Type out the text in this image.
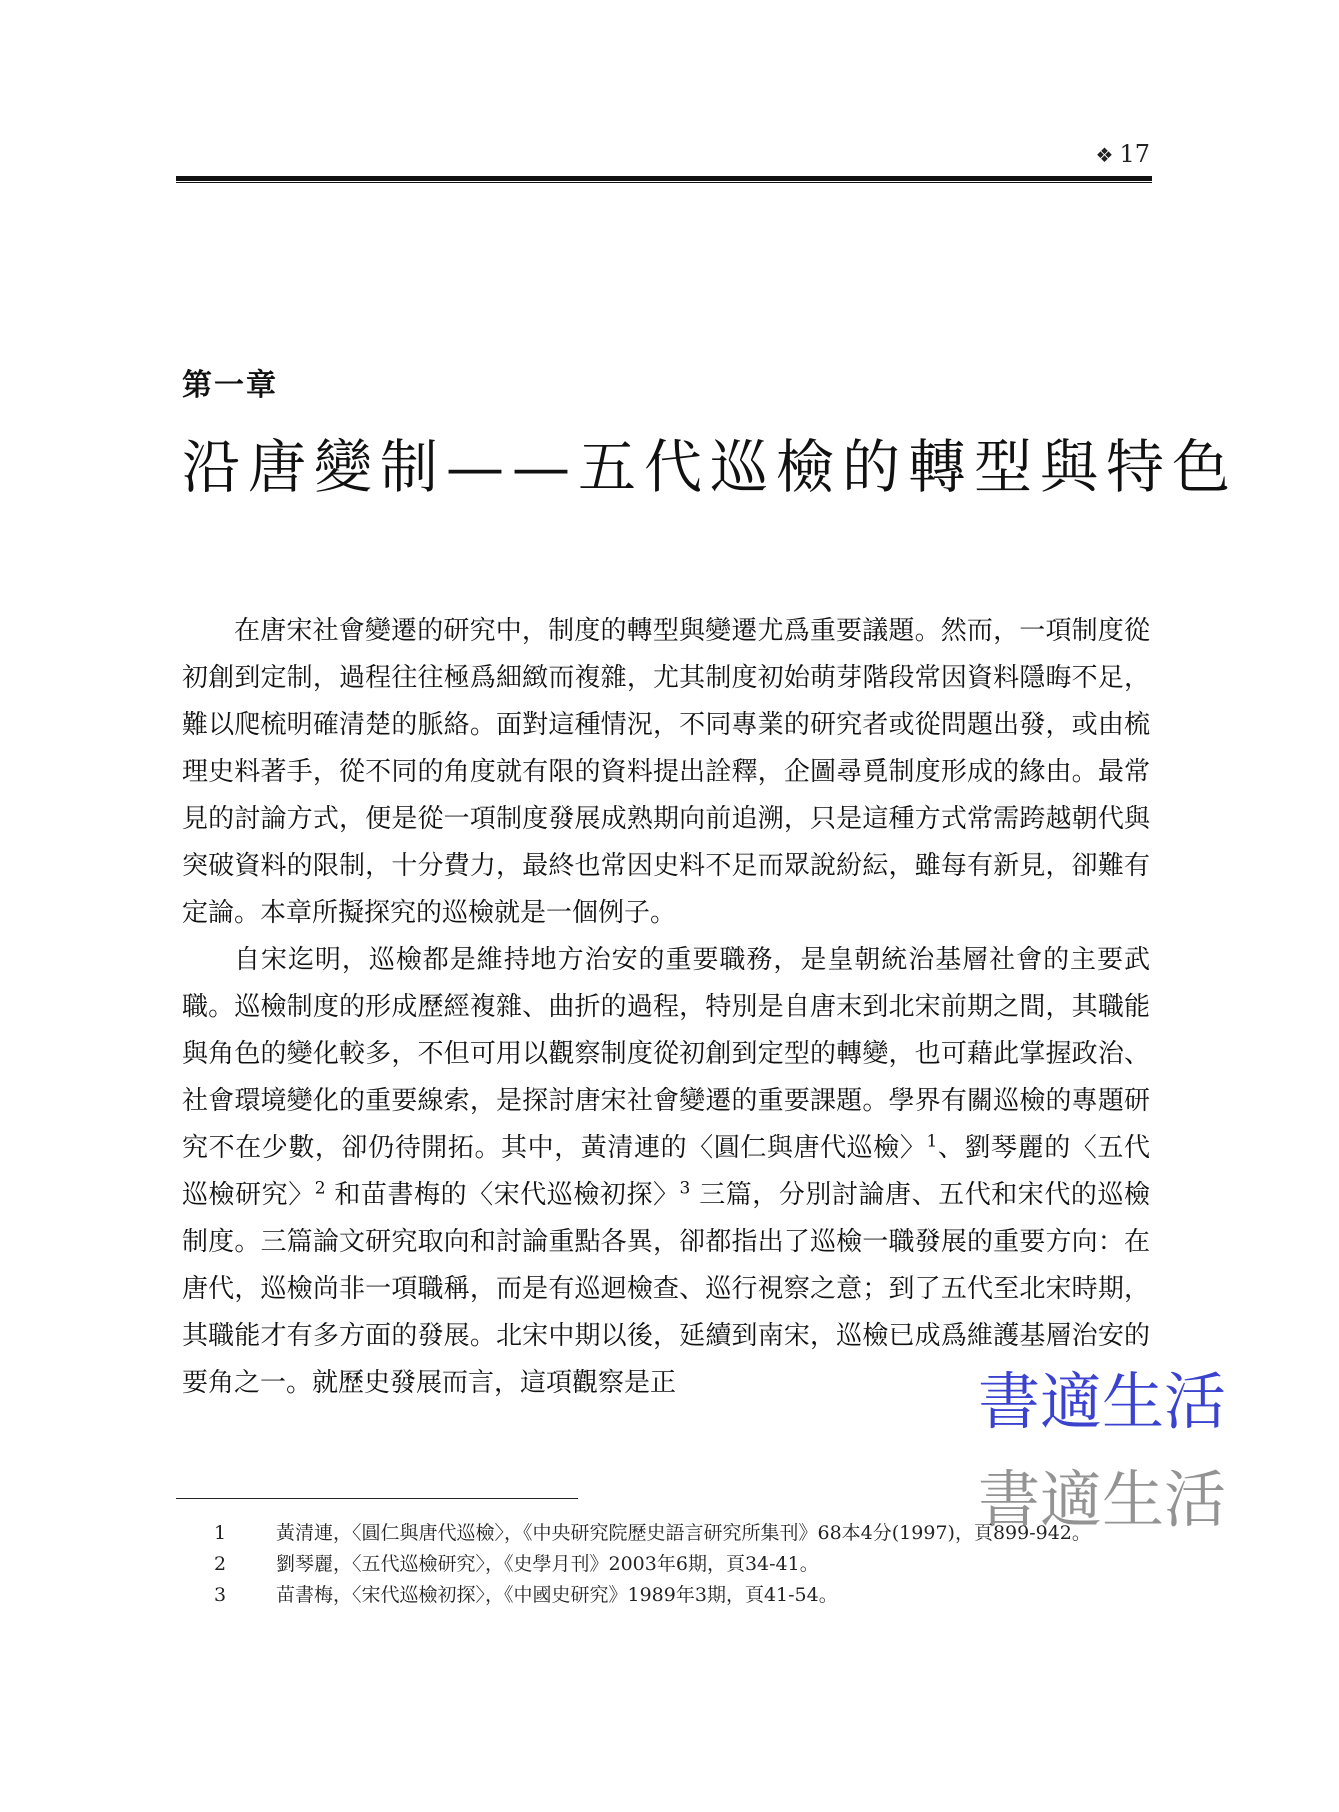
❖ 17
第一章
沿唐變制——五代巡檢的轉型與特色

在唐宋社會變遷的研究中，制度的轉型與變遷尤爲重要議題。然而，一項制度從初創到定制，過程往往極爲細緻而複雜，尤其制度初始萌芽階段常因資料隱晦不足，難以爬梳明確清楚的脈絡。面對這種情況，不同專業的研究者或從問題出發，或由梳理史料著手，從不同的角度就有限的資料提出詮釋，企圖尋覓制度形成的緣由。最常見的討論方式，便是從一項制度發展成熟期向前追溯，只是這種方式常需跨越朝代與突破資料的限制，十分費力，最終也常因史料不足而眾說紛紜，雖每有新見，卻難有定論。本章所擬探究的巡檢就是一個例子。

自宋迄明，巡檢都是維持地方治安的重要職務，是皇朝統治基層社會的主要武職。巡檢制度的形成歷經複雜、曲折的過程，特別是自唐末到北宋前期之間，其職能與角色的變化較多，不但可用以觀察制度從初創到定型的轉變，也可藉此掌握政治、社會環境變化的重要線索，是探討唐宋社會變遷的重要課題。學界有關巡檢的專題研究不在少數，卻仍待開拓。其中，黃清連的〈圓仁與唐代巡檢〉$^1$、劉琴麗的〈五代巡檢研究〉$^2$ 和苗書梅的〈宋代巡檢初探〉$^3$ 三篇，分別討論唐、五代和宋代的巡檢制度。三篇論文研究取向和討論重點各異，卻都指出了巡檢一職發展的重要方向：在唐代，巡檢尚非一項職稱，而是有巡迴檢查、巡行視察之意；到了五代至北宋時期，其職能才有多方面的發展。北宋中期以後，延續到南宋，巡檢已成爲維護基層治安的要角之一。就歷史發展而言，這項觀察是正

1	黃清連，〈圓仁與唐代巡檢〉，《中央研究院歷史語言研究所集刊》68本4分(1997)，頁899-942。
2	劉琴麗，〈五代巡檢研究〉，《史學月刊》2003年6期，頁34-41。
3	苗書梅，〈宋代巡檢初探〉，《中國史研究》1989年3期，頁41-54。
書適生活
書適生活
